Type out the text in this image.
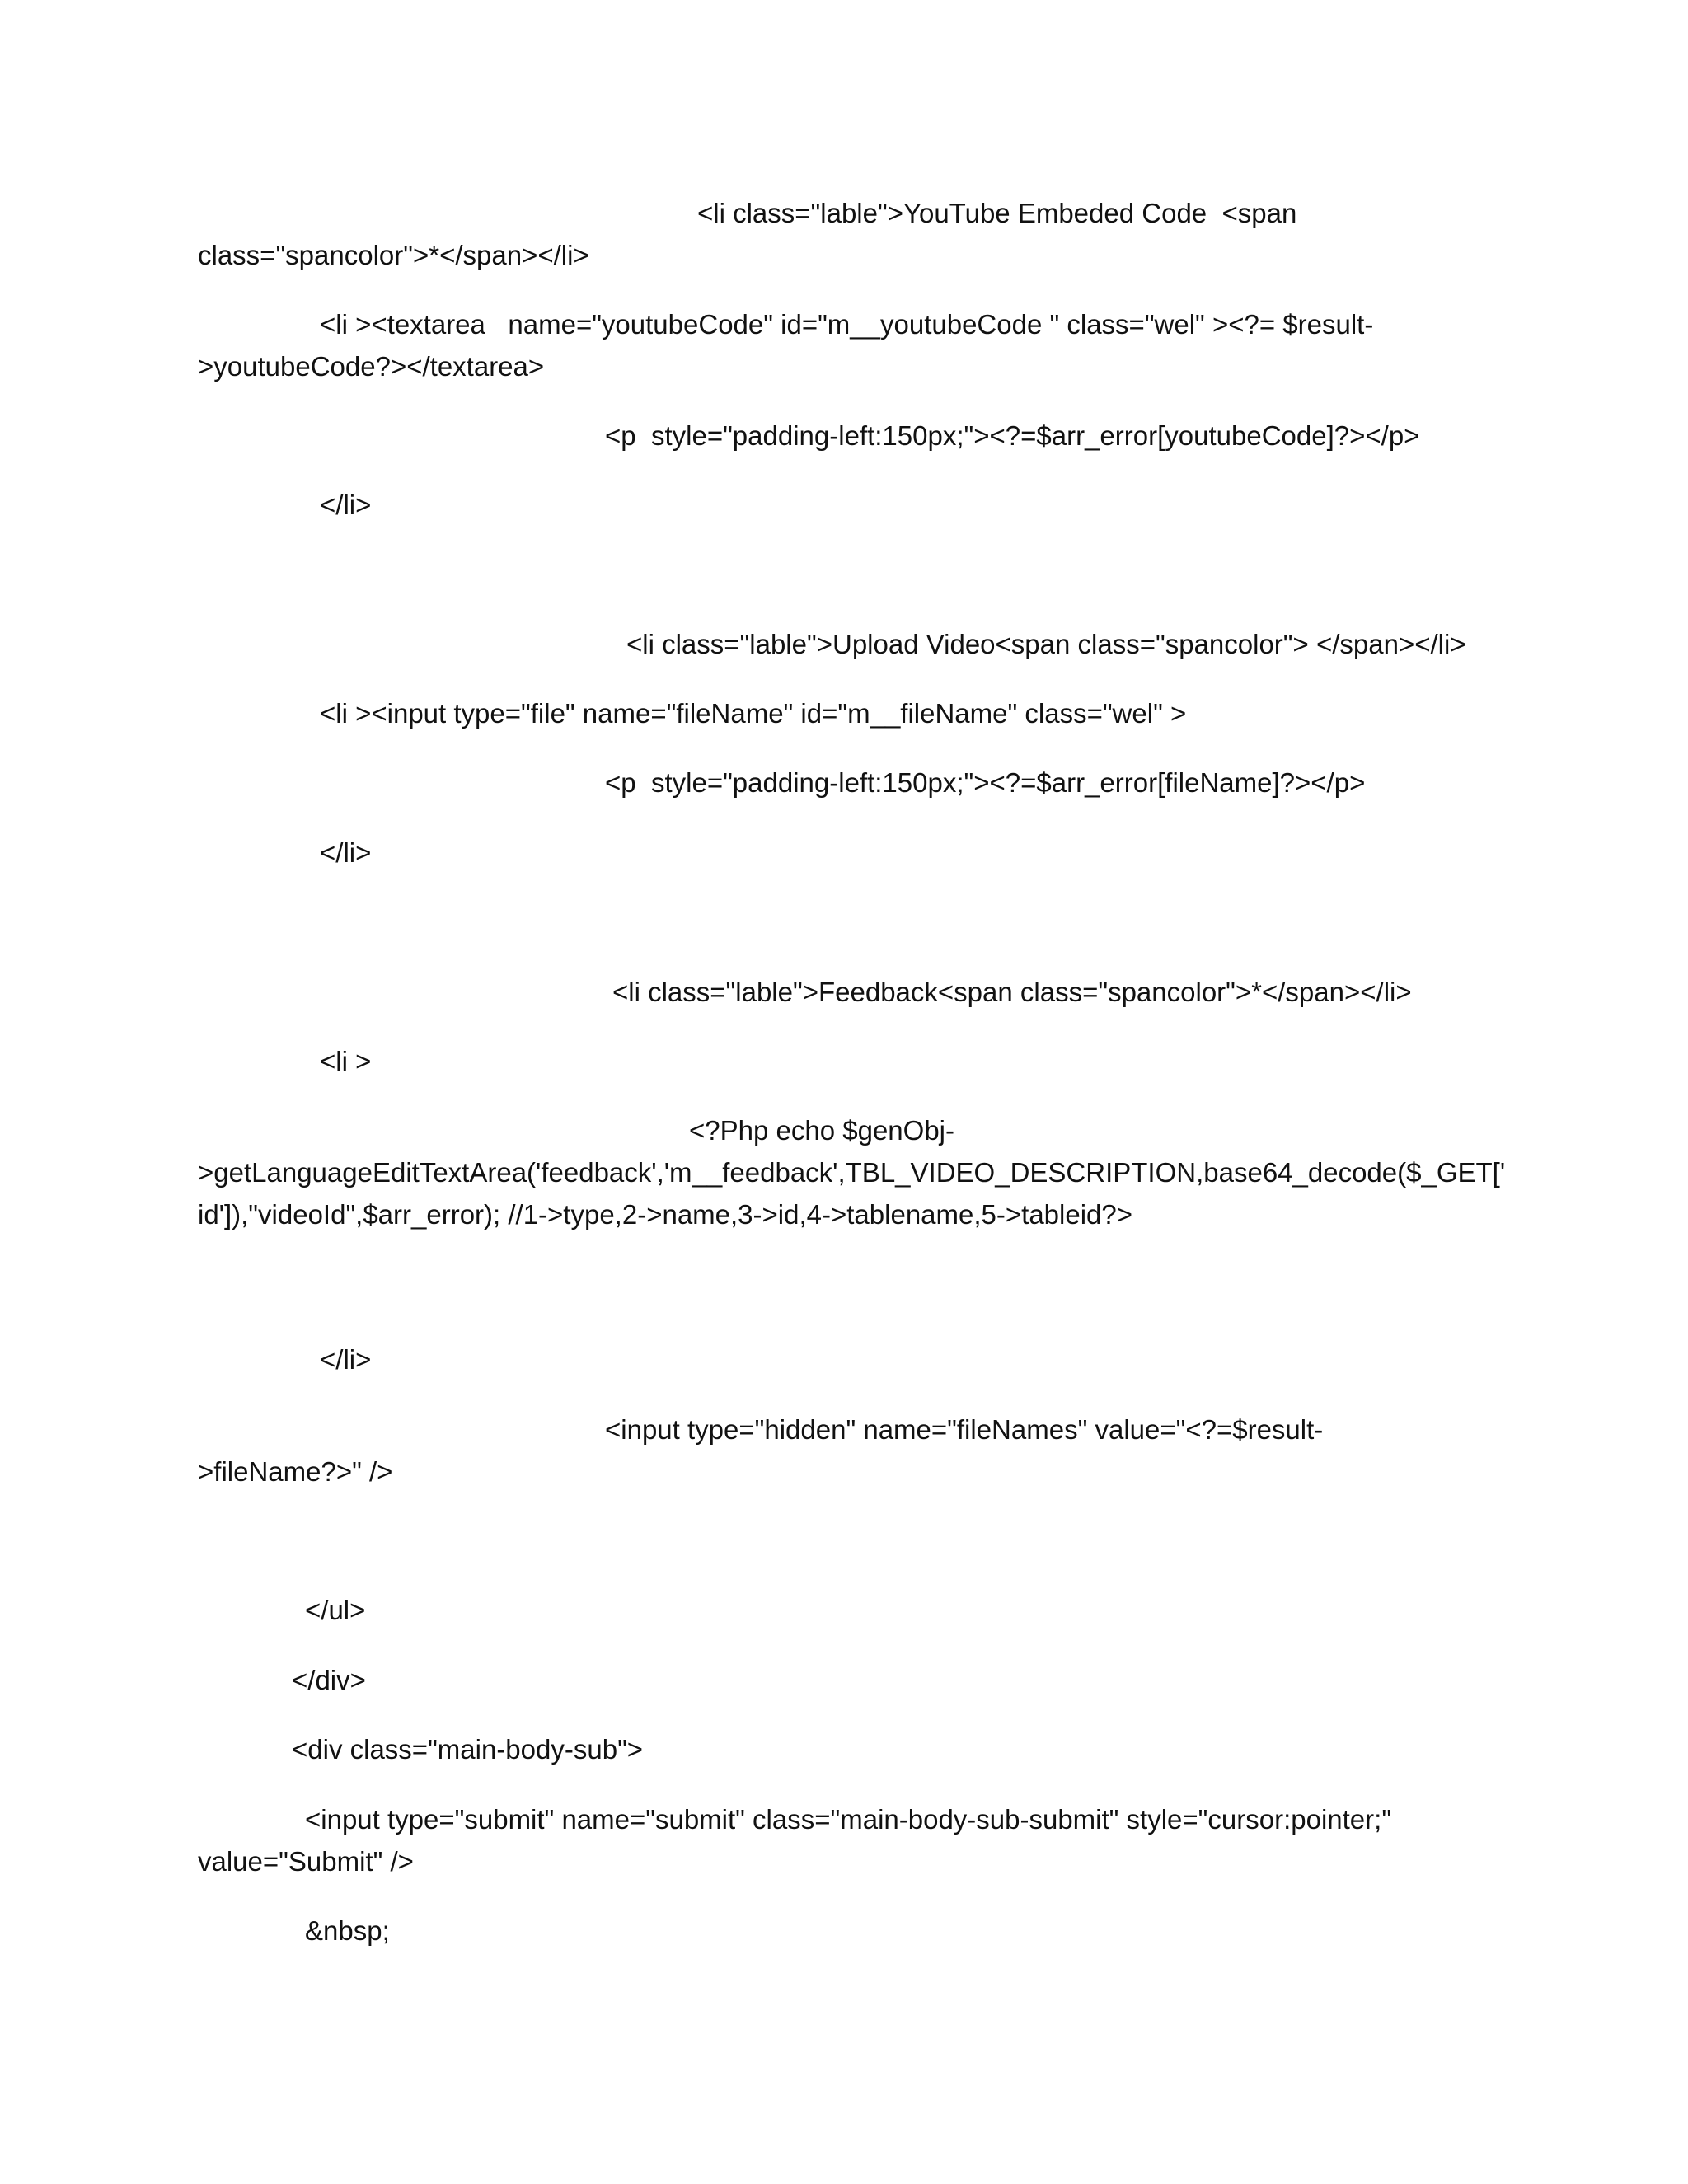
<li class="lable">YouTube Embeded Code  <span
class="spancolor">*</span></li>
<li ><textarea   name="youtubeCode" id="m__youtubeCode " class="wel" ><?= $result-
>youtubeCode?></textarea>
<p  style="padding-left:150px;"><?=$arr_error[youtubeCode]?></p>
</li>
<li class="lable">Upload Video<span class="spancolor"> </span></li>
<li ><input type="file" name="fileName" id="m__fileName" class="wel" >
<p  style="padding-left:150px;"><?=$arr_error[fileName]?></p>
</li>
<li class="lable">Feedback<span class="spancolor">*</span></li>
<li >
<?Php echo $genObj-
>getLanguageEditTextArea('feedback','m__feedback',TBL_VIDEO_DESCRIPTION,base64_decode($_GET['
id']),"videoId",$arr_error); //1->type,2->name,3->id,4->tablename,5->tableid?>
</li>
<input type="hidden" name="fileNames" value="<?=$result-
>fileName?>" />
</ul>
</div>
<div class="main-body-sub">
<input type="submit" name="submit" class="main-body-sub-submit" style="cursor:pointer;"
value="Submit" />
&nbsp;
